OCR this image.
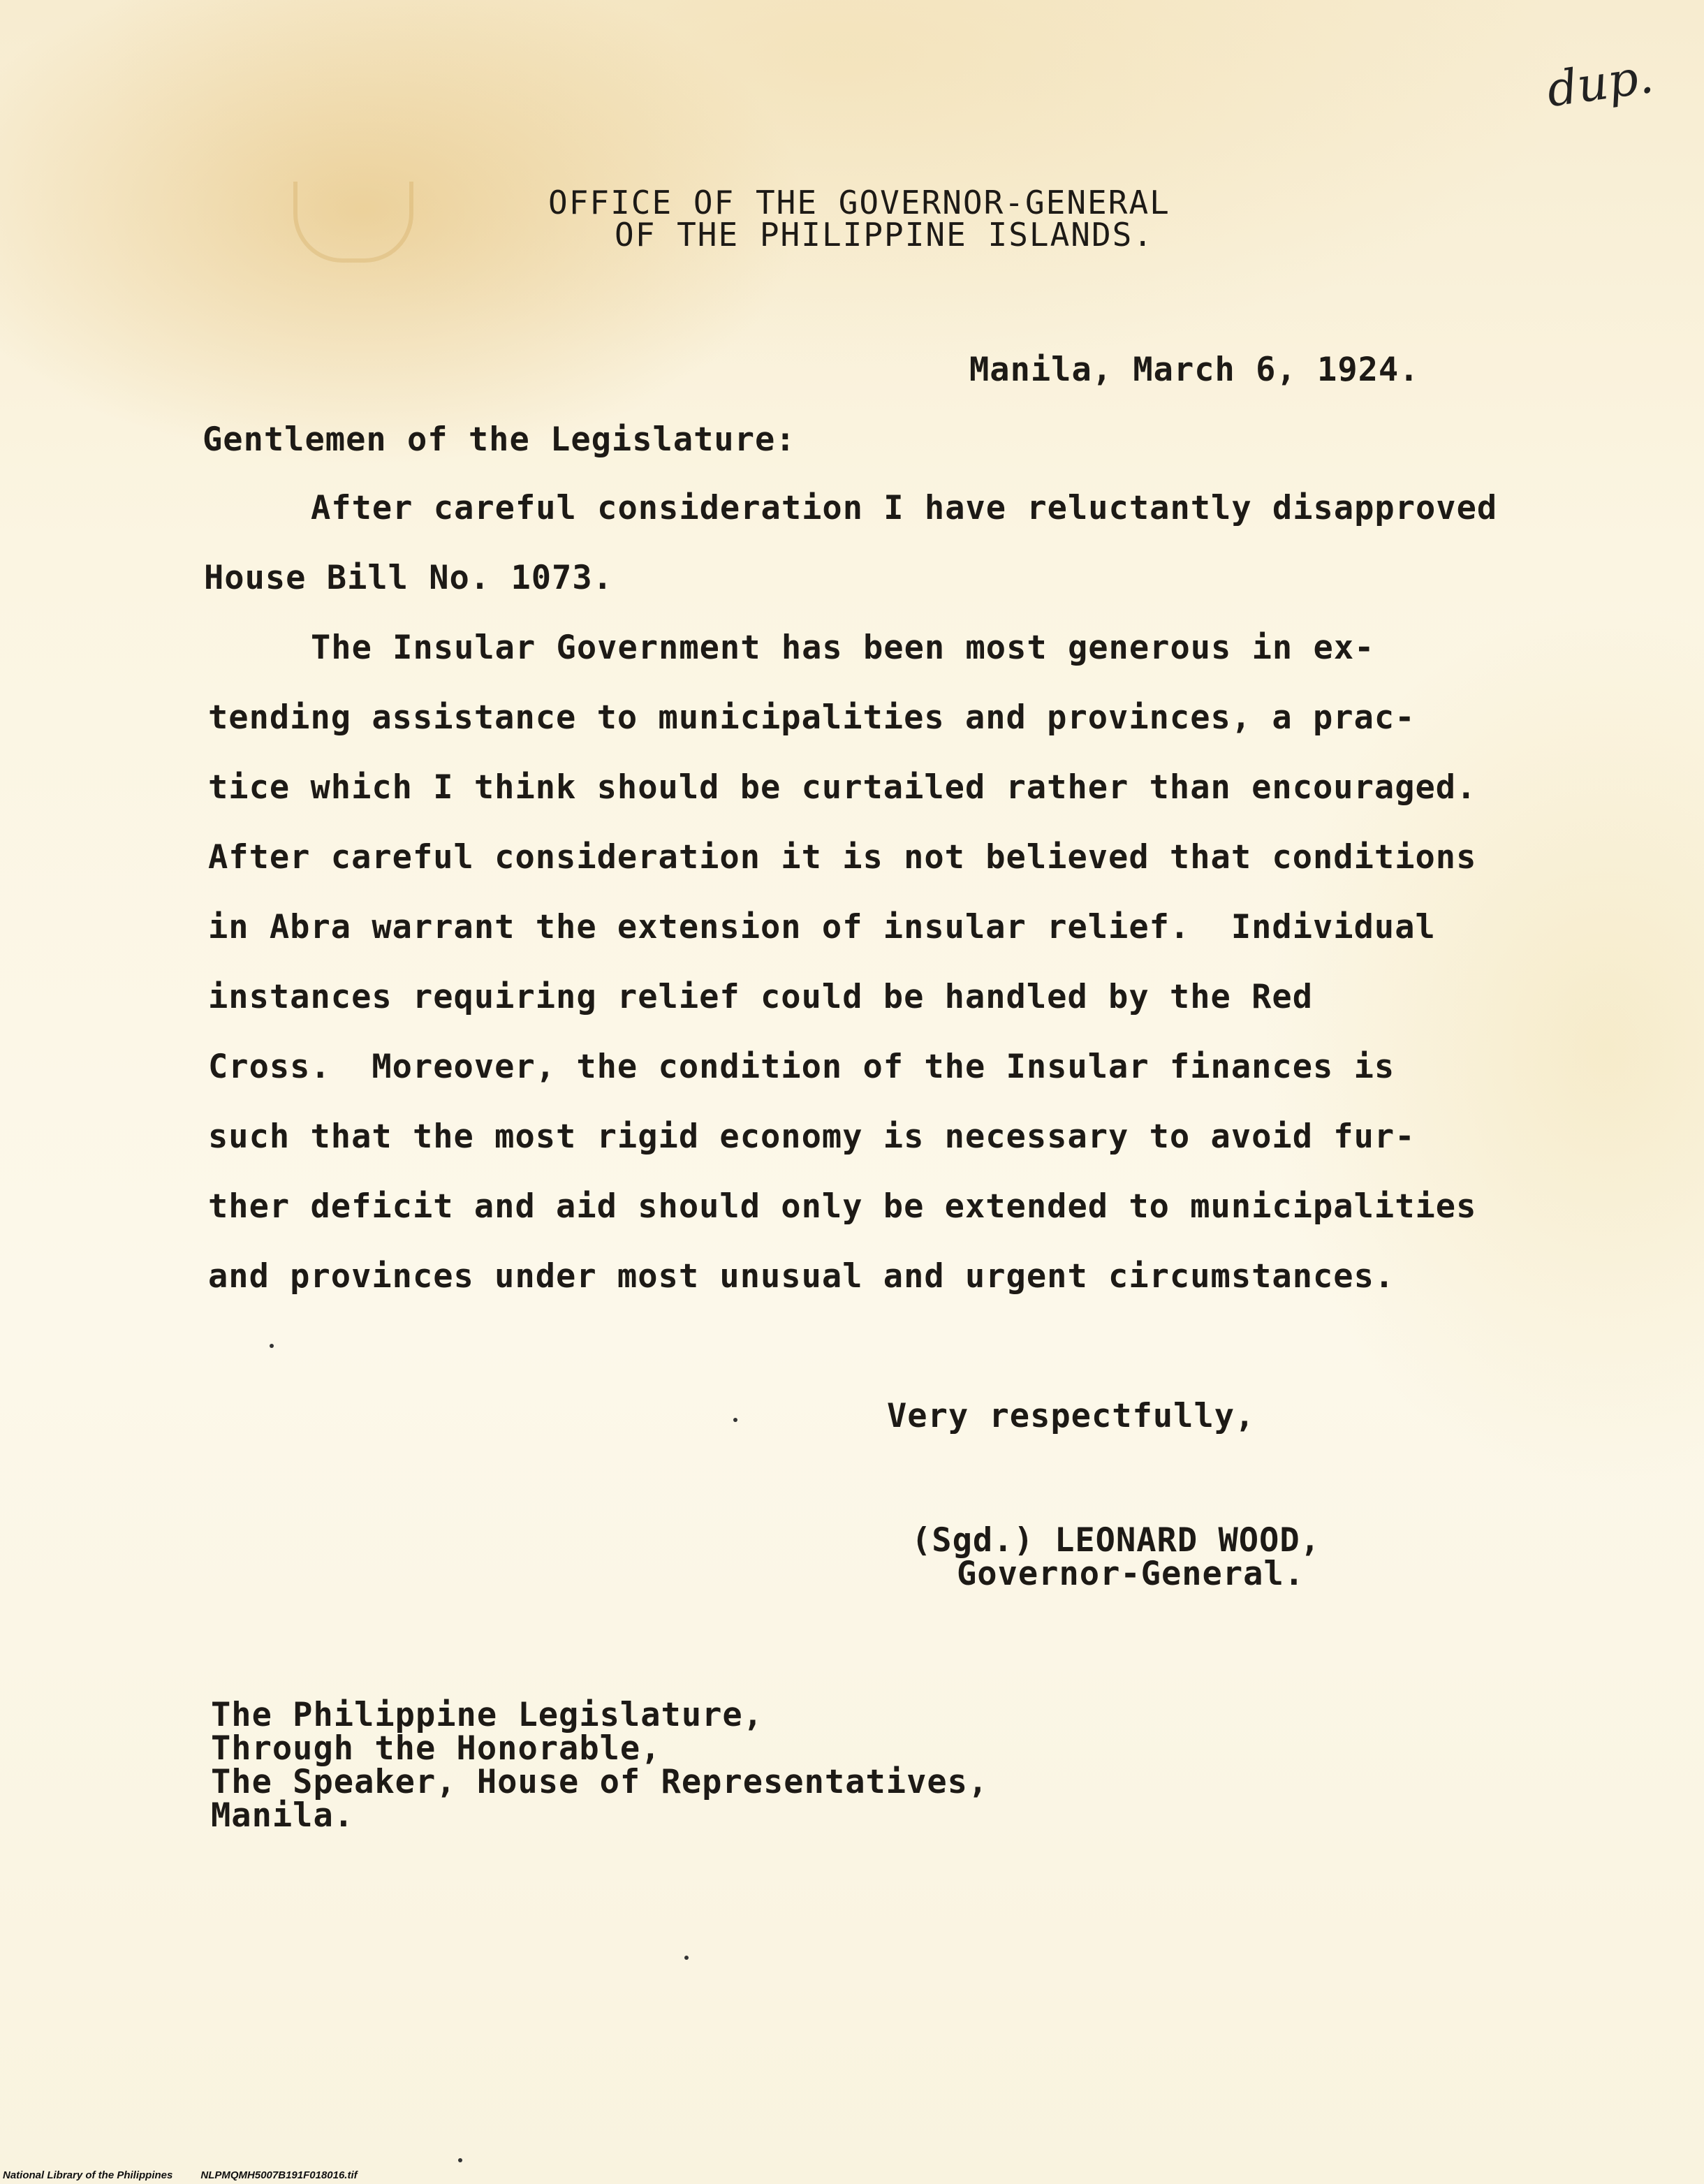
dup.
OFFICE OF THE GOVERNOR-GENERAL
OF THE PHILIPPINE ISLANDS.
Manila, March 6, 1924.
Gentlemen of the Legislature:
After careful consideration I have reluctantly disapproved
House Bill No. 1073.
The Insular Government has been most generous in ex-
tending assistance to municipalities and provinces, a prac-
tice which I think should be curtailed rather than encouraged.
After careful consideration it is not believed that conditions
in Abra warrant the extension of insular relief.  Individual
instances requiring relief could be handled by the Red
Cross.  Moreover, the condition of the Insular finances is
such that the most rigid economy is necessary to avoid fur-
ther deficit and aid should only be extended to municipalities
and provinces under most unusual and urgent circumstances.
Very respectfully,
(Sgd.) LEONARD WOOD,
Governor-General.
The Philippine Legislature,
Through the Honorable,
The Speaker, House of Representatives,
Manila.
National Library of the Philippines	NLPMQMH5007B191F018016.tif
